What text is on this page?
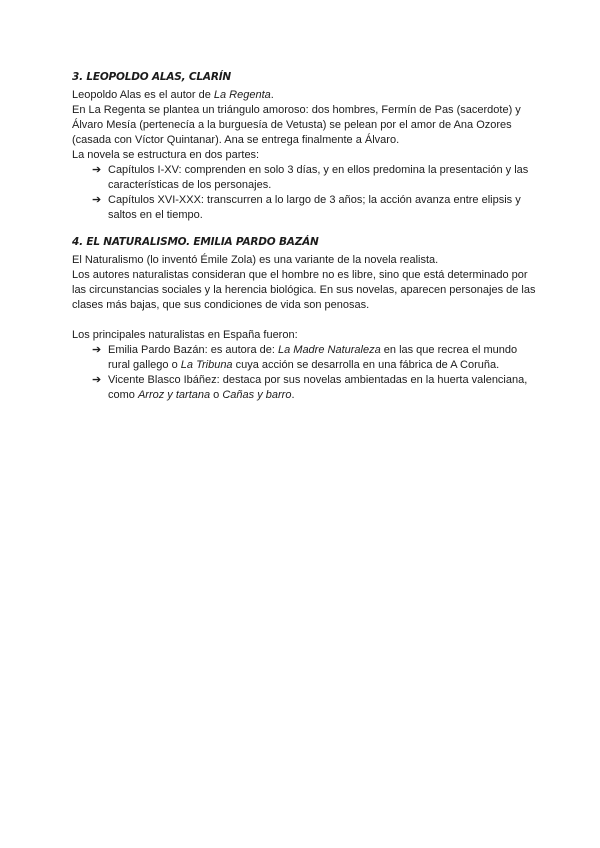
3. LEOPOLDO ALAS, CLARÍN

Leopoldo Alas es el autor de La Regenta.

En La Regenta se plantea un triángulo amoroso: dos hombres, Fermín de Pas (sacerdote) y Álvaro Mesía (pertenecía a la burguesía de Vetusta) se pelean por el amor de Ana Ozores (casada con Víctor Quintanar). Ana se entrega finalmente a Álvaro.

La novela se estructura en dos partes:

➔ Capítulos I-XV: comprenden en solo 3 días, y en ellos predomina la presentación y las características de los personajes.
➔ Capítulos XVI-XXX: transcurren a lo largo de 3 años; la acción avanza entre elipsis y saltos en el tiempo.
4. EL NATURALISMO. EMILIA PARDO BAZÁN

El Naturalismo (lo inventó Émile Zola) es una variante de la novela realista.

Los autores naturalistas consideran que el hombre no es libre, sino que está determinado por las circunstancias sociales y la herencia biológica. En sus novelas, aparecen personajes de las clases más bajas, que sus condiciones de vida son penosas.

Los principales naturalistas en España fueron:

➔ Emilia Pardo Bazán: es autora de: La Madre Naturaleza en las que recrea el mundo rural gallego o La Tribuna cuya acción se desarrolla en una fábrica de A Coruña.
➔ Vicente Blasco Ibáñez: destaca por sus novelas ambientadas en la huerta valenciana, como Arroz y tartana o Cañas y barro.
